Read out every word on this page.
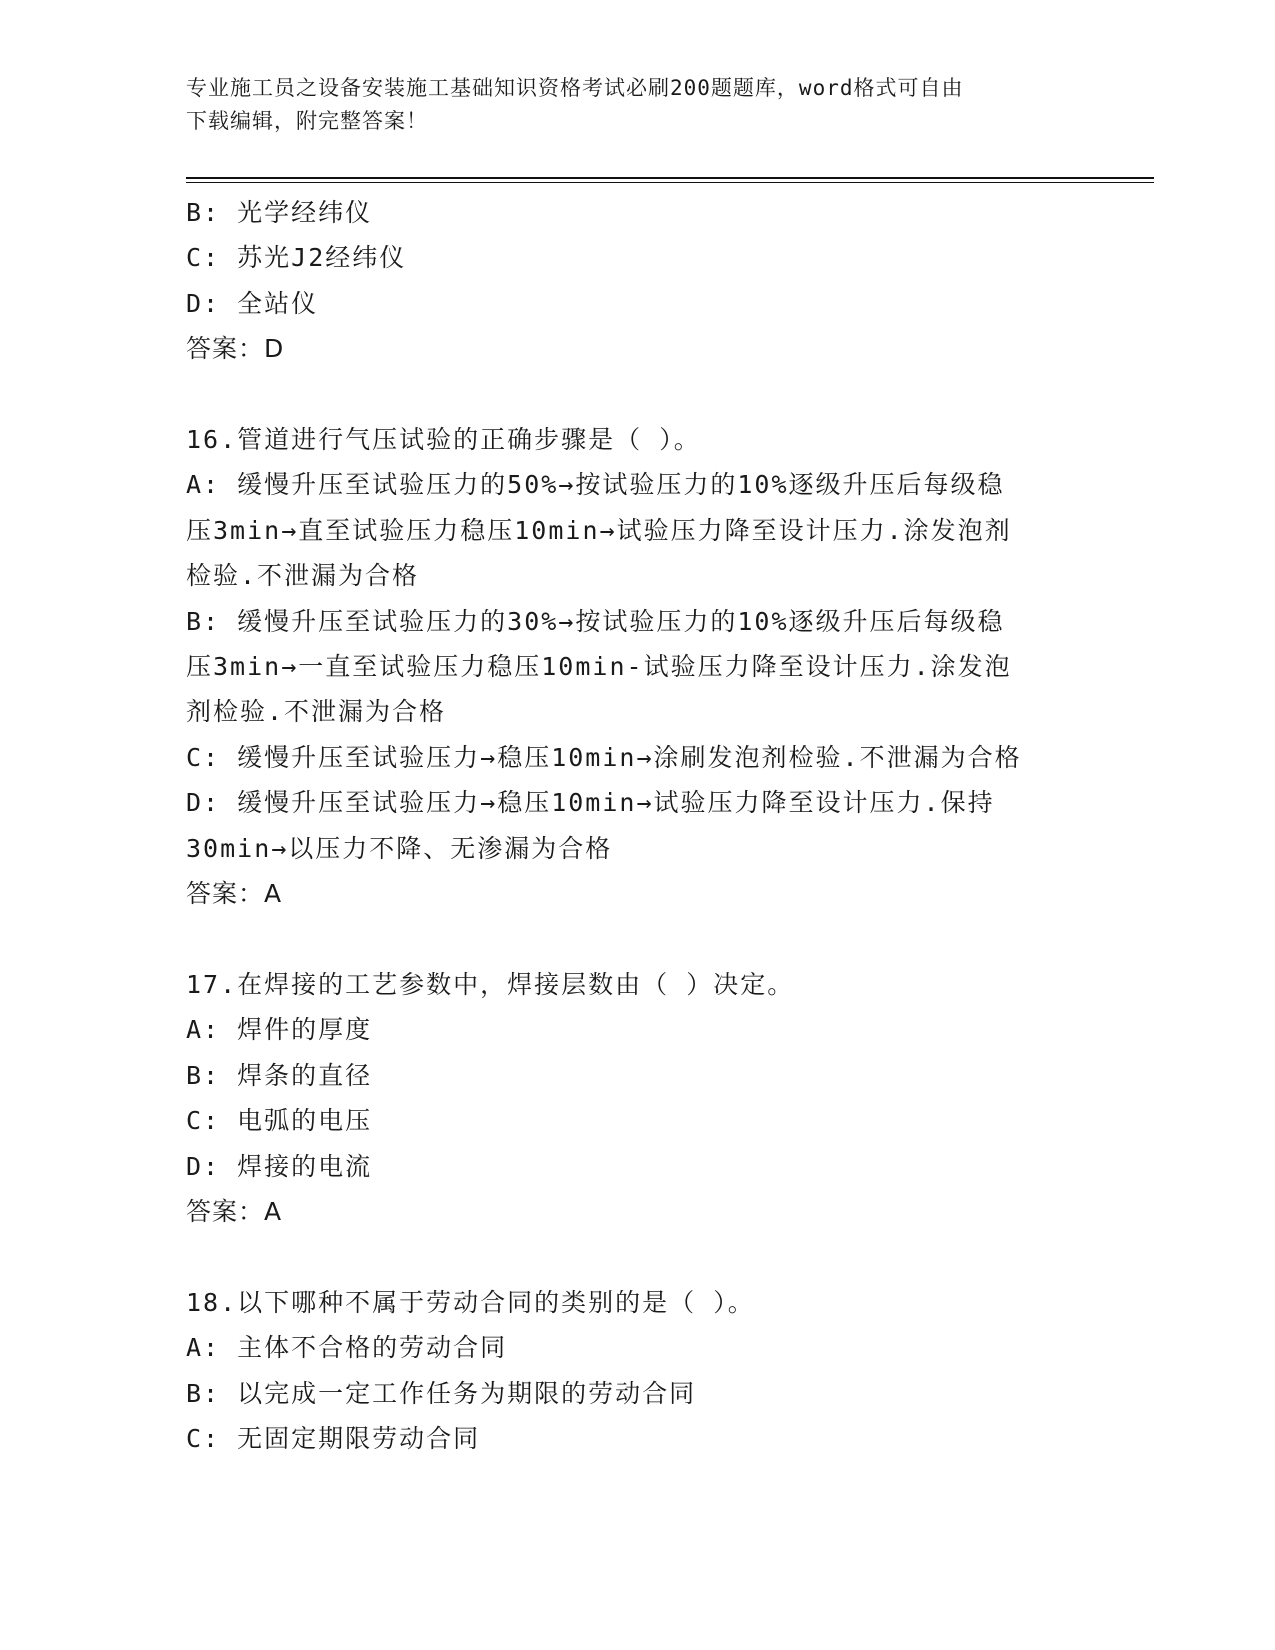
专业施工员之设备安装施工基础知识资格考试必刷200题题库，word格式可自由
下载编辑，附完整答案！
B: 光学经纬仪
C: 苏光J2经纬仪
D: 全站仪
答案：D
16.管道进行气压试验的正确步骤是（ ）。
A: 缓慢升压至试验压力的50%→按试验压力的10%逐级升压后每级稳
压3min→直至试验压力稳压10min→试验压力降至设计压力.涂发泡剂
检验.不泄漏为合格
B: 缓慢升压至试验压力的30%→按试验压力的10%逐级升压后每级稳
压3min→一直至试验压力稳压10min-试验压力降至设计压力.涂发泡
剂检验.不泄漏为合格
C: 缓慢升压至试验压力→稳压10min→涂刷发泡剂检验.不泄漏为合格
D: 缓慢升压至试验压力→稳压10min→试验压力降至设计压力.保持
30min→以压力不降、无渗漏为合格
答案：A
17.在焊接的工艺参数中，焊接层数由（ ）决定。
A: 焊件的厚度
B: 焊条的直径
C: 电弧的电压
D: 焊接的电流
答案：A
18.以下哪种不属于劳动合同的类别的是（ ）。
A: 主体不合格的劳动合同
B: 以完成一定工作任务为期限的劳动合同
C: 无固定期限劳动合同
